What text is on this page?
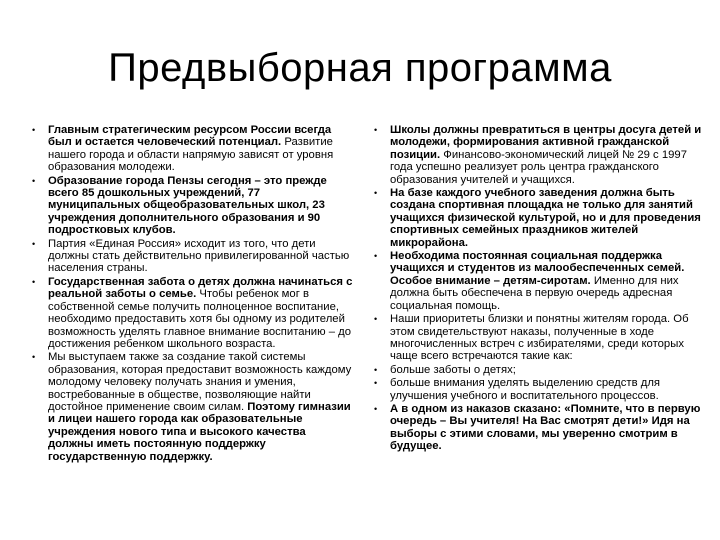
Предвыборная программа
• Главным стратегическим ресурсом России всегда был и остается человеческий потенциал. Развитие нашего города и области напрямую зависят от уровня образования молодежи.
• Образование города Пензы сегодня – это прежде всего 85 дошкольных учреждений, 77 муниципальных общеобразовательных школ, 23 учреждения дополнительного образования и 90 подростковых клубов.
• Партия «Единая Россия» исходит из того, что дети должны стать действительно привилегированной частью населения страны.
• Государственная забота о детях должна начинаться с реальной заботы о семье. Чтобы ребенок мог в собственной семье получить полноценное воспитание, необходимо предоставить хотя бы одному из родителей возможность уделять главное внимание воспитанию – до достижения ребенком школьного возраста.
• Мы выступаем также за создание такой системы образования, которая предоставит возможность каждому молодому человеку получать знания и умения, востребованные в обществе, позволяющие найти достойное применение своим силам. Поэтому гимназии и лицеи нашего города как образовательные учреждения нового типа и высокого качества должны иметь постоянную поддержку государственную поддержку.
• Школы должны превратиться в центры досуга детей и молодежи, формирования активной гражданской позиции. Финансово-экономический лицей № 29 с 1997 года успешно реализует роль центра гражданского образования учителей и учащихся.
• На базе каждого учебного заведения должна быть создана спортивная площадка не только для занятий учащихся физической культурой, но и для проведения спортивных семейных праздников жителей микрорайона.
• Необходима постоянная социальная поддержка учащихся и студентов из малообеспеченных семей. Особое внимание – детям-сиротам. Именно для них должна быть обеспечена в первую очередь адресная социальная помощь.
• Наши приоритеты близки и понятны жителям города. Об этом свидетельствуют наказы, полученные в ходе многочисленных встреч с избирателями, среди которых чаще всего встречаются такие как:
• больше заботы о детях;
• больше внимания уделять выделению средств для улучшения учебного и воспитательного процессов.
• А в одном из наказов сказано: «Помните, что в первую очередь – Вы учителя! На Вас смотрят дети!» Идя на выборы с этими словами, мы уверенно смотрим в будущее.
